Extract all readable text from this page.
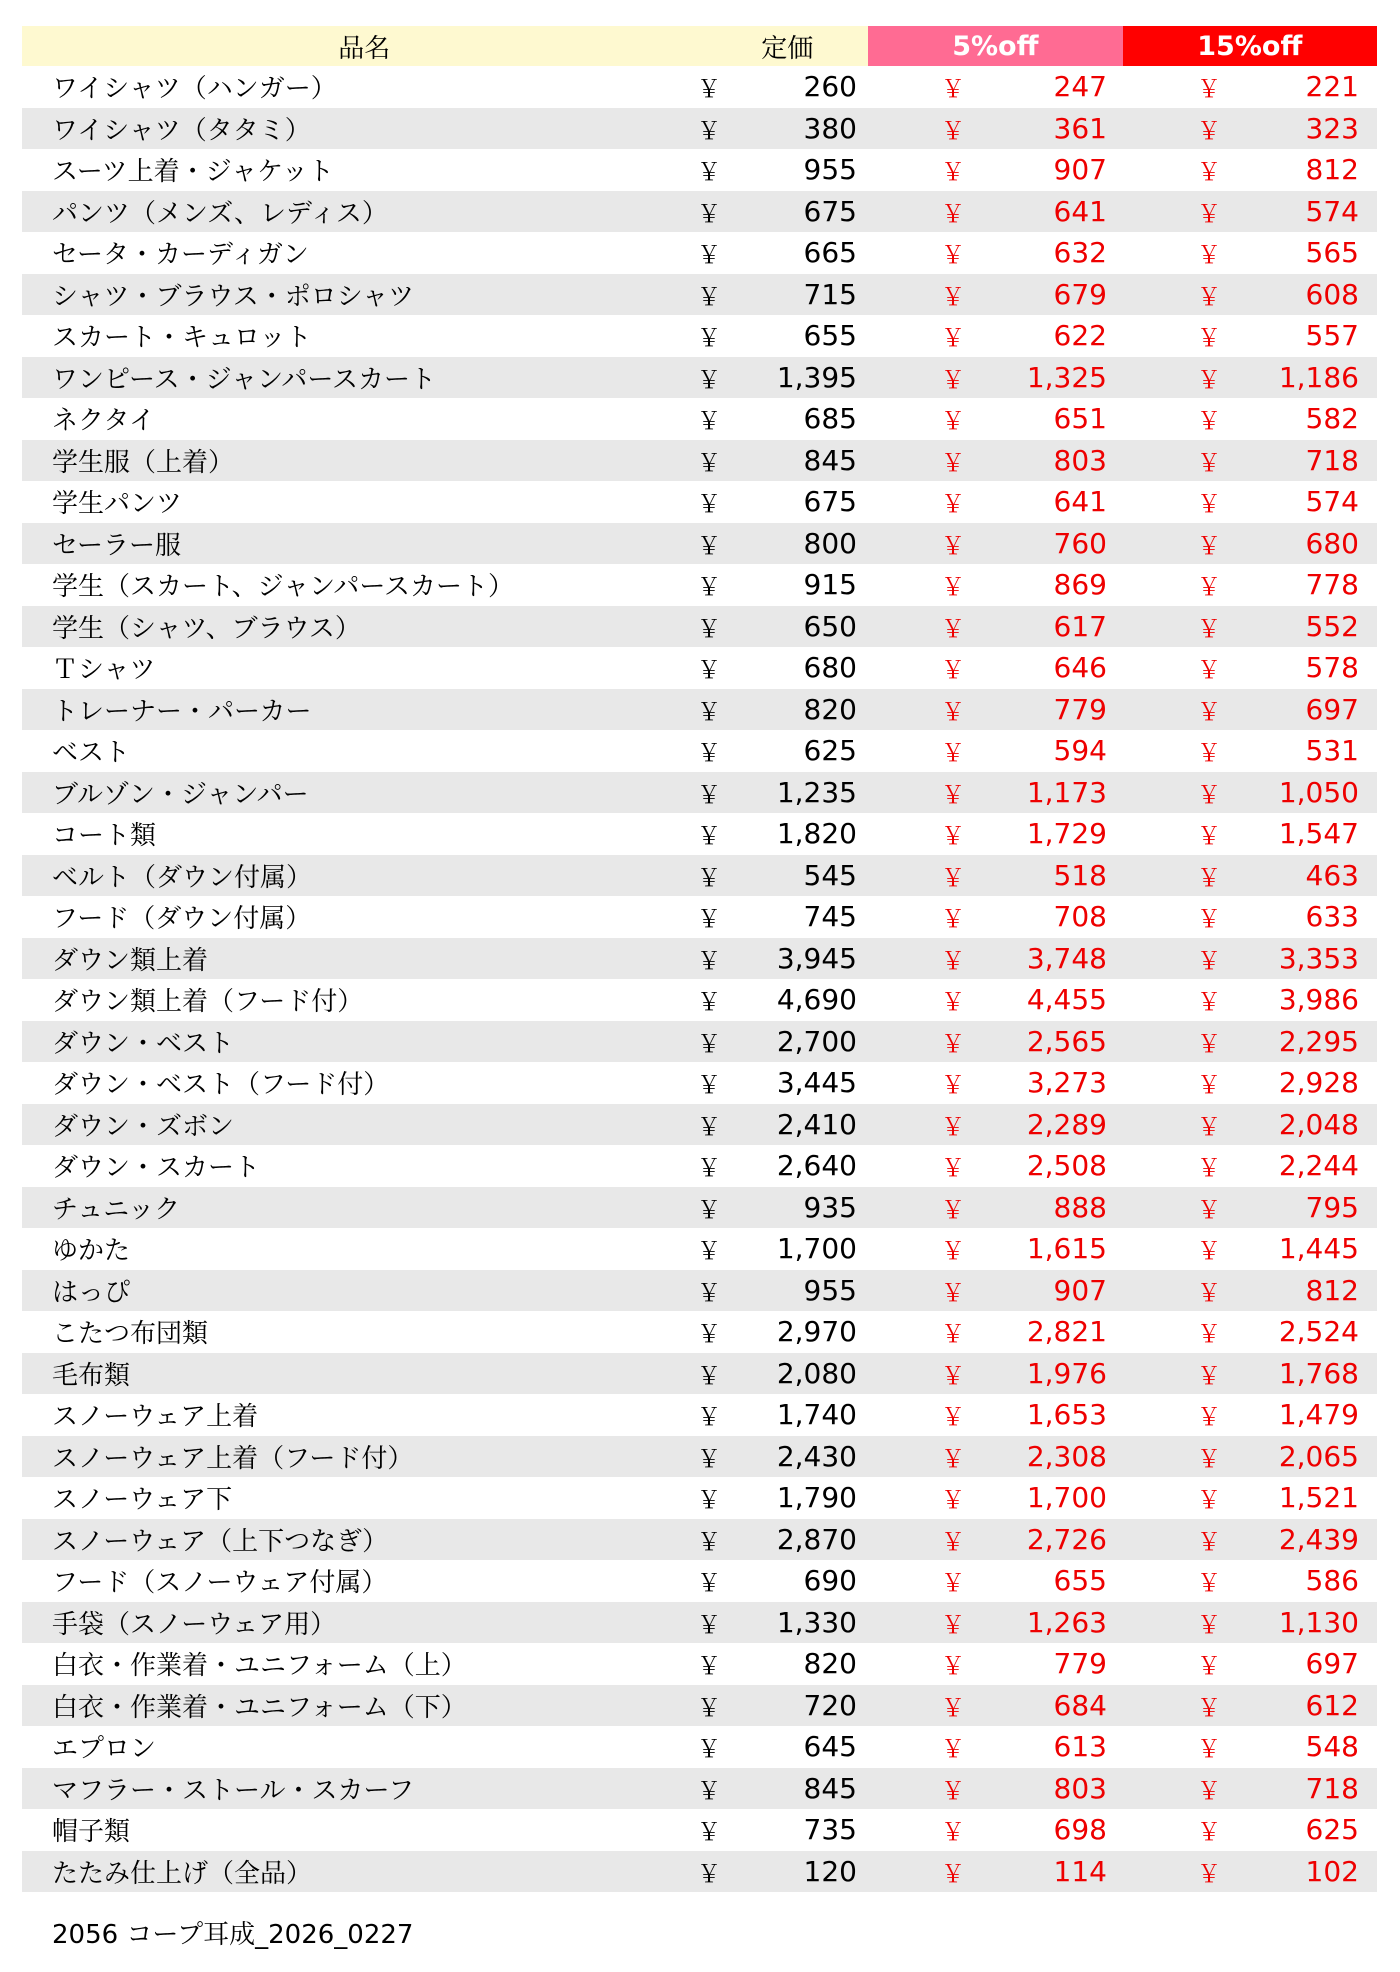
品名	定価	5%off	15%off
ワイシャツ（ハンガー）	￥	260	￥	247	￥	221
ワイシャツ（タタミ）	￥	380	￥	361	￥	323
スーツ上着・ジャケット	￥	955	￥	907	￥	812
パンツ（メンズ、レディス）	￥	675	￥	641	￥	574
セータ・カーディガン	￥	665	￥	632	￥	565
シャツ・ブラウス・ポロシャツ	￥	715	￥	679	￥	608
スカート・キュロット	￥	655	￥	622	￥	557
ワンピース・ジャンパースカート	￥	1,395	￥	1,325	￥	1,186
ネクタイ	￥	685	￥	651	￥	582
学生服（上着）	￥	845	￥	803	￥	718
学生パンツ	￥	675	￥	641	￥	574
セーラー服	￥	800	￥	760	￥	680
学生（スカート、ジャンパースカート）	￥	915	￥	869	￥	778
学生（シャツ、ブラウス）	￥	650	￥	617	￥	552
Ｔシャツ	￥	680	￥	646	￥	578
トレーナー・パーカー	￥	820	￥	779	￥	697
ベスト	￥	625	￥	594	￥	531
ブルゾン・ジャンパー	￥	1,235	￥	1,173	￥	1,050
コート類	￥	1,820	￥	1,729	￥	1,547
ベルト（ダウン付属）	￥	545	￥	518	￥	463
フード（ダウン付属）	￥	745	￥	708	￥	633
ダウン類上着	￥	3,945	￥	3,748	￥	3,353
ダウン類上着（フード付）	￥	4,690	￥	4,455	￥	3,986
ダウン・ベスト	￥	2,700	￥	2,565	￥	2,295
ダウン・ベスト（フード付）	￥	3,445	￥	3,273	￥	2,928
ダウン・ズボン	￥	2,410	￥	2,289	￥	2,048
ダウン・スカート	￥	2,640	￥	2,508	￥	2,244
チュニック	￥	935	￥	888	￥	795
ゆかた	￥	1,700	￥	1,615	￥	1,445
はっぴ	￥	955	￥	907	￥	812
こたつ布団類	￥	2,970	￥	2,821	￥	2,524
毛布類	￥	2,080	￥	1,976	￥	1,768
スノーウェア上着	￥	1,740	￥	1,653	￥	1,479
スノーウェア上着（フード付）	￥	2,430	￥	2,308	￥	2,065
スノーウェア下	￥	1,790	￥	1,700	￥	1,521
スノーウェア（上下つなぎ）	￥	2,870	￥	2,726	￥	2,439
フード（スノーウェア付属）	￥	690	￥	655	￥	586
手袋（スノーウェア用）	￥	1,330	￥	1,263	￥	1,130
白衣・作業着・ユニフォーム（上）	￥	820	￥	779	￥	697
白衣・作業着・ユニフォーム（下）	￥	720	￥	684	￥	612
エプロン	￥	645	￥	613	￥	548
マフラー・ストール・スカーフ	￥	845	￥	803	￥	718
帽子類	￥	735	￥	698	￥	625
たたみ仕上げ（全品）	￥	120	￥	114	￥	102
2056 コープ耳成_2026_0227
